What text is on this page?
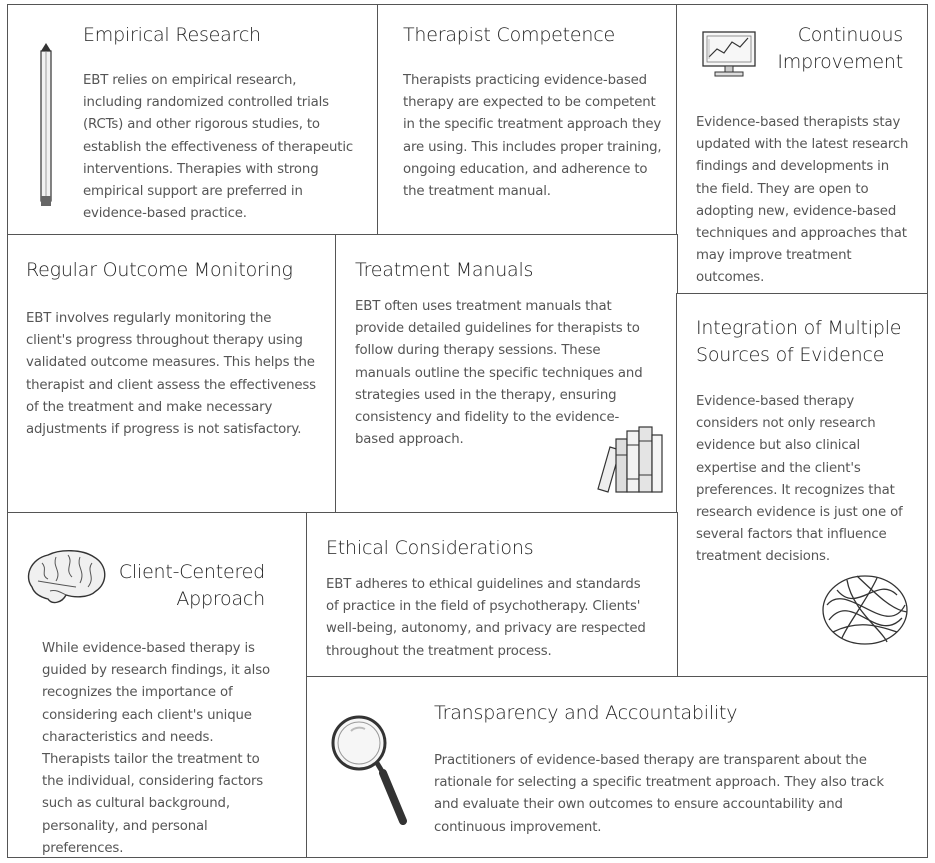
Empirical Research
EBT relies on empirical research, including randomized controlled trials (RCTs) and other rigorous studies, to establish the effectiveness of therapeutic interventions. Therapies with strong empirical support are preferred in evidence-based practice.
Therapist Competence
Therapists practicing evidence-based therapy are expected to be competent in the specific treatment approach they are using. This includes proper training, ongoing education, and adherence to the treatment manual.
Continuous
Improvement
Evidence-based therapists stay updated with the latest research findings and developments in the field. They are open to adopting new, evidence-based techniques and approaches that may improve treatment outcomes.
Regular Outcome Monitoring
EBT involves regularly monitoring the client's progress throughout therapy using validated outcome measures. This helps the therapist and client assess the effectiveness of the treatment and make necessary adjustments if progress is not satisfactory.
Treatment Manuals
EBT often uses treatment manuals that provide detailed guidelines for therapists to follow during therapy sessions. These manuals outline the specific techniques and strategies used in the therapy, ensuring consistency and fidelity to the evidence-based approach.
Integration of Multiple
Sources of Evidence
Evidence-based therapy considers not only research evidence but also clinical expertise and the client's preferences. It recognizes that research evidence is just one of several factors that influence treatment decisions.
Client-Centered
Approach
While evidence-based therapy is guided by research findings, it also recognizes the importance of considering each client's unique characteristics and needs. Therapists tailor the treatment to the individual, considering factors such as cultural background, personality, and personal preferences.
Ethical Considerations
EBT adheres to ethical guidelines and standards of practice in the field of psychotherapy. Clients' well-being, autonomy, and privacy are respected throughout the treatment process.
Transparency and Accountability
Practitioners of evidence-based therapy are transparent about the rationale for selecting a specific treatment approach. They also track and evaluate their own outcomes to ensure accountability and continuous improvement.
